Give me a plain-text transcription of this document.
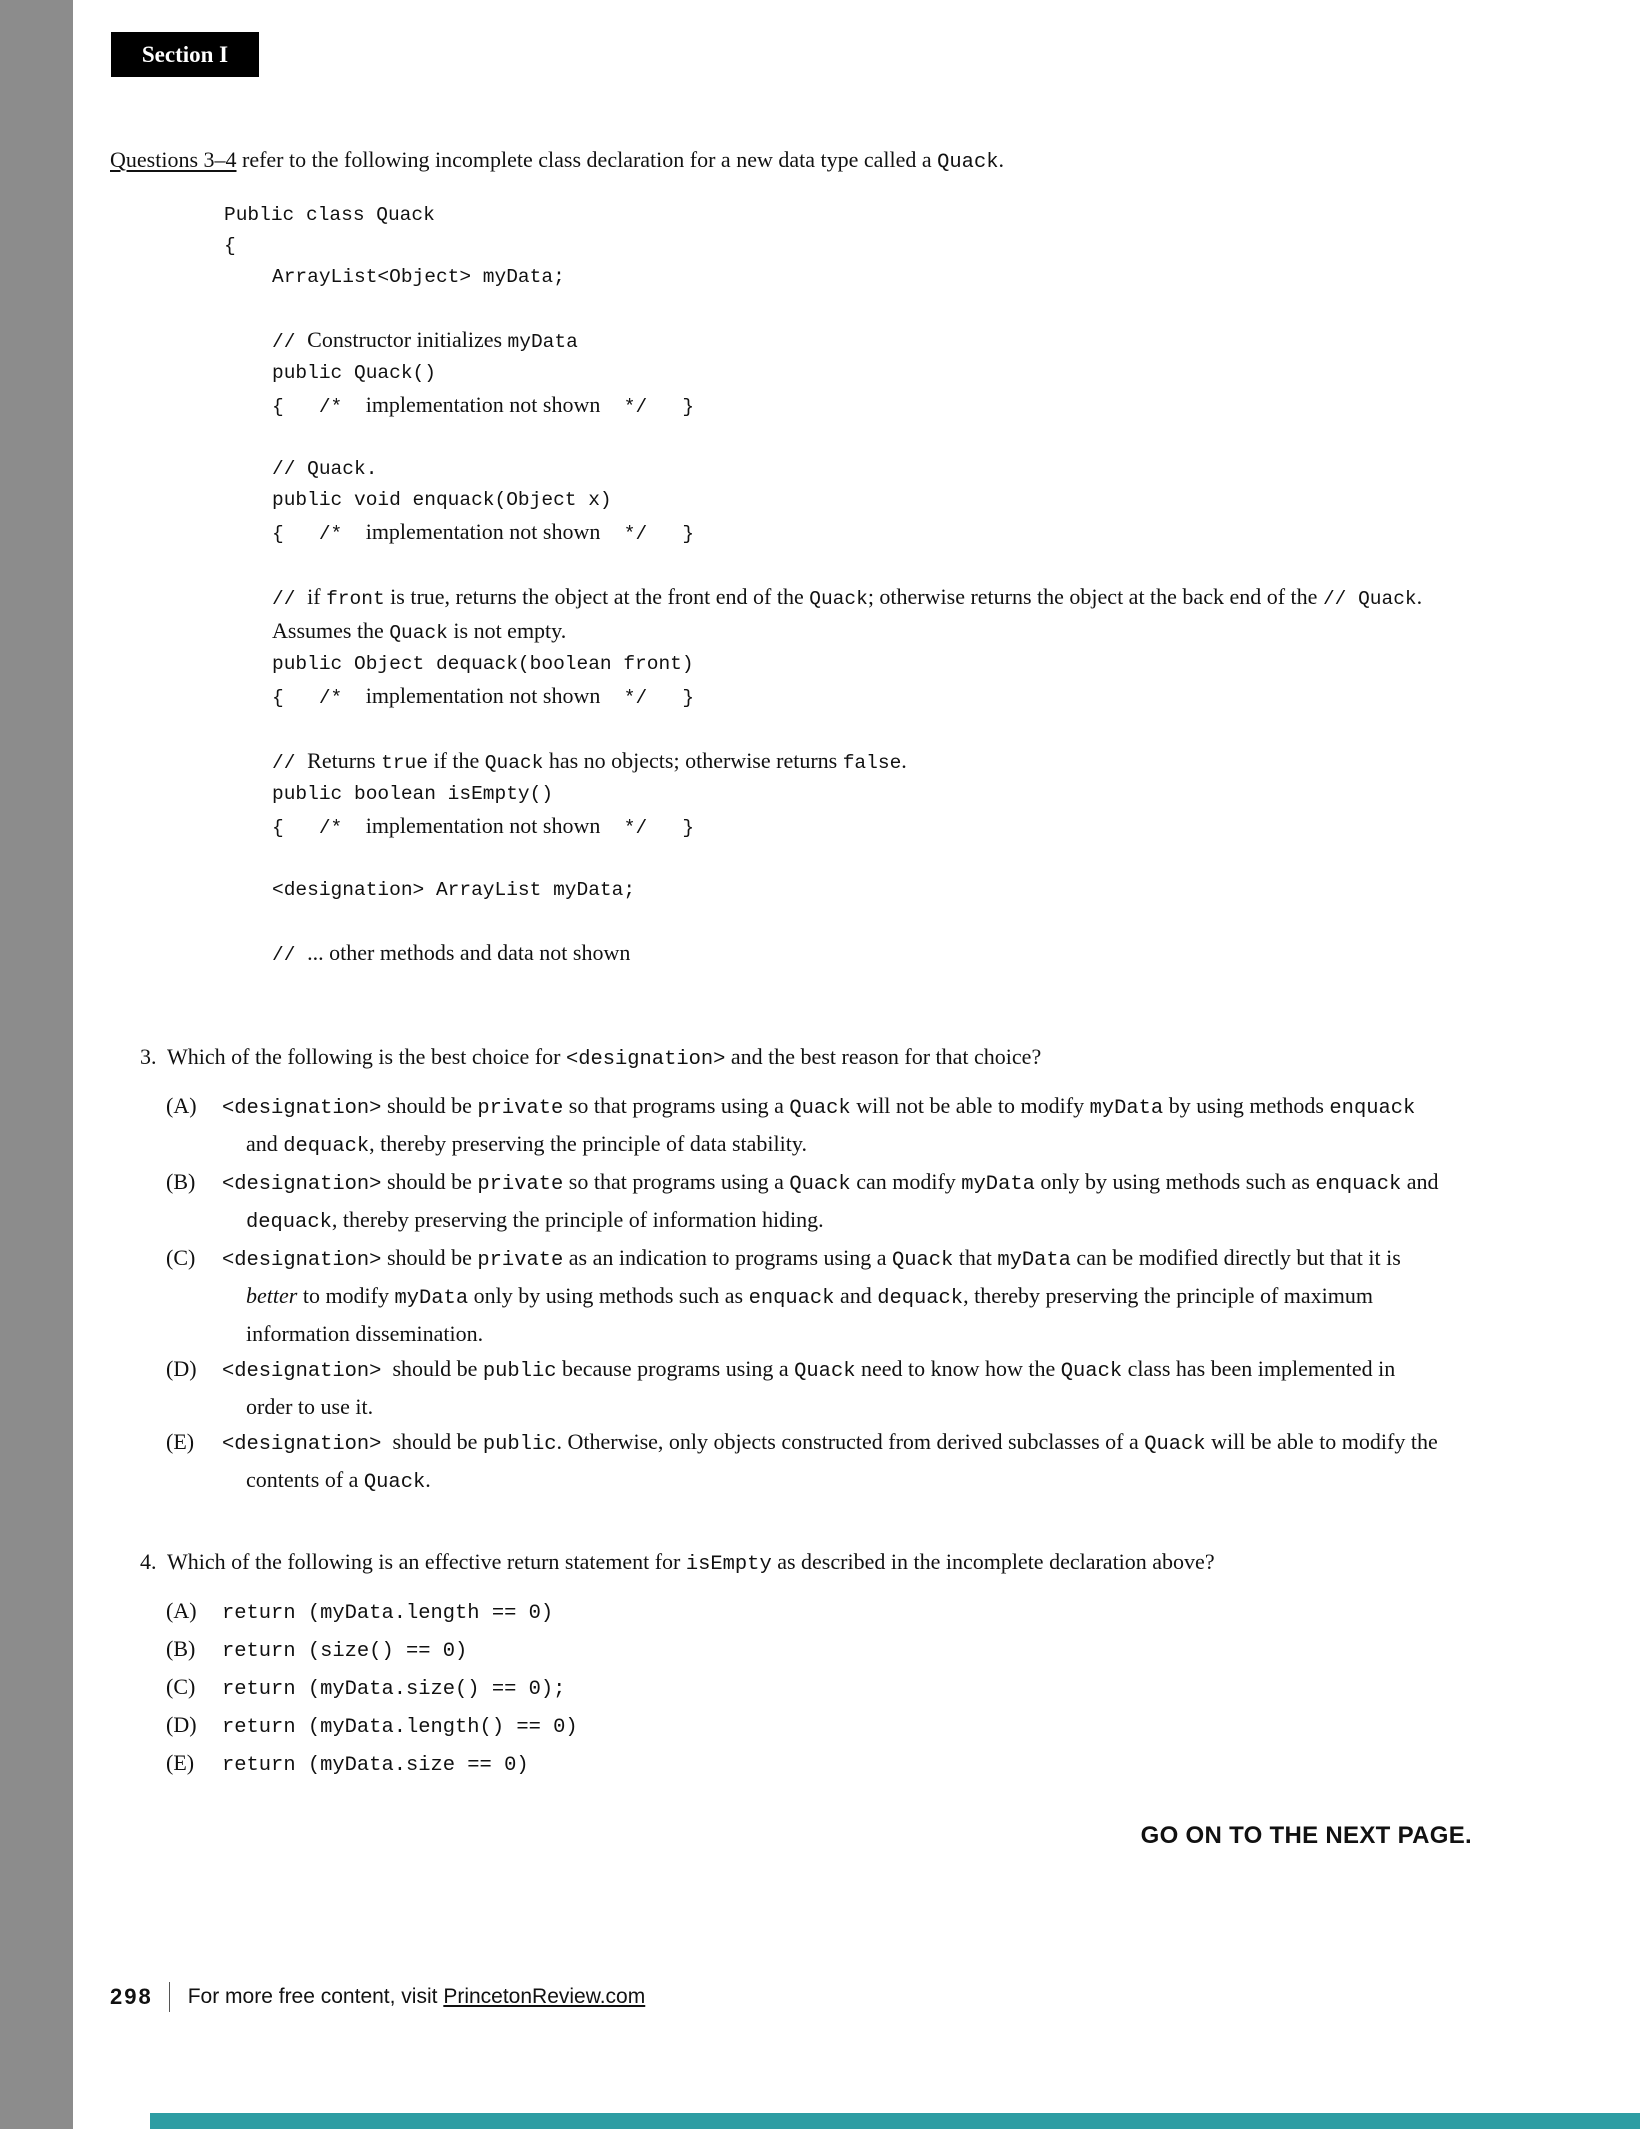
Section I

Questions 3–4 refer to the following incomplete class declaration for a new data type called a Quack.

Public class Quack
{
ArrayList<Object> myData;

// Constructor initializes myData
public Quack()
{   /*  implementation not shown  */   }

// Quack.
public void enquack(Object x)
{   /*  implementation not shown  */   }

// if front is true, returns the object at the front end of the Quack; otherwise returns the object at the back end of the // Quack.  Assumes the Quack is not empty.
public Object dequack(boolean front)
{   /*  implementation not shown  */   }

// Returns true if the Quack has no objects; otherwise returns false.
public boolean isEmpty()
{   /*  implementation not shown  */   }

<designation> ArrayList myData;

// ... other methods and data not shown
3. Which of the following is the best choice for <designation> and the best reason for that choice?
(A)	<designation> should be private so that programs using a Quack will not be able to modify myData by using methods enquack and dequack, thereby preserving the principle of data stability.
(B)	<designation> should be private so that programs using a Quack can modify myData only by using methods such as enquack and dequack, thereby preserving the principle of information hiding.
(C)	<designation> should be private as an indication to programs using a Quack that myData can be modified directly but that it is better to modify myData only by using methods such as enquack and dequack, thereby preserving the principle of maximum information dissemination.
(D)	<designation>  should be public because programs using a Quack need to know how the Quack class has been implemented in order to use it.
(E)	<designation>  should be public. Otherwise, only objects constructed from derived subclasses of a Quack will be able to modify the contents of a Quack.
4. Which of the following is an effective return statement for isEmpty as described in the incomplete declaration above?
(A)	return (myData.length == 0)
(B)	return (size() == 0)
(C)	return (myData.size() == 0);
(D)	return (myData.length() == 0)
(E)	return (myData.size == 0)
GO ON TO THE NEXT PAGE.
298 For more free content, visit PrincetonReview.com
